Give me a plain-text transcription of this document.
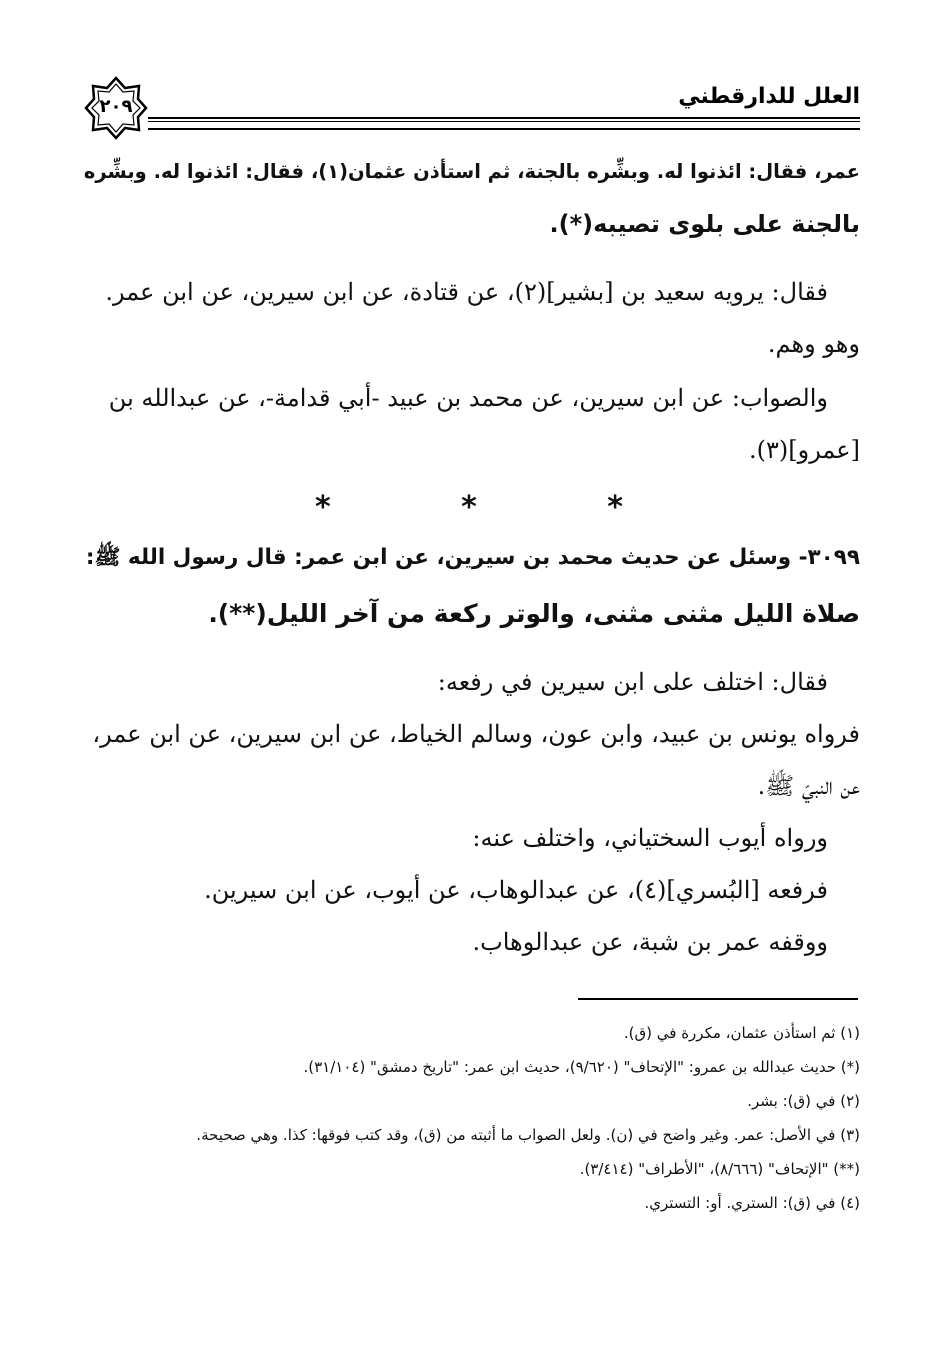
العلل للدارقطني
٢٠٩
عمر، فقال: ائذنوا له. وبشِّره بالجنة، ثم استأذن عثمان(١)، فقال: ائذنوا له. وبشِّره
بالجنة على بلوى تصيبه(*).
فقال: يرويه سعيد بن [بشير](٢)، عن قتادة، عن ابن سيرين، عن ابن عمر.
وهو وهم.
والصواب: عن ابن سيرين، عن محمد بن عبيد -أبي قدامة-، عن عبدالله بن
[عمرو](٣).
* * *
٣٠٩٩- وسئل عن حديث محمد بن سيرين، عن ابن عمر: قال رسول الله ﷺ:
صلاة الليل مثنى مثنى، والوتر ركعة من آخر الليل(**).
فقال: اختلف على ابن سيرين في رفعه:
فرواه يونس بن عبيد، وابن عون، وسالم الخياط، عن ابن سيرين، عن ابن عمر،
عن النبيّ ﷺ.
ورواه أيوب السختياني، واختلف عنه:
فرفعه [البُسري](٤)، عن عبدالوهاب، عن أيوب، عن ابن سيرين.
ووقفه عمر بن شبة، عن عبدالوهاب.
(١) ثم استأذن عثمان، مكررة في (ق).
(*) حديث عبدالله بن عمرو: "الإتحاف" (٩/٦٢٠)، حديث ابن عمر: "تاريخ دمشق" (٣١/١٠٤).
(٢) في (ق): بشر.
(٣) في الأصل: عمر. وغير واضح في (ن). ولعل الصواب ما أثبته من (ق)، وقد كتب فوقها: كذا. وهي صحيحة.
(**) "الإتحاف" (٨/٦٦٦)، "الأطراف" (٣/٤١٤).
(٤) في (ق): الستري. أو: التستري.
